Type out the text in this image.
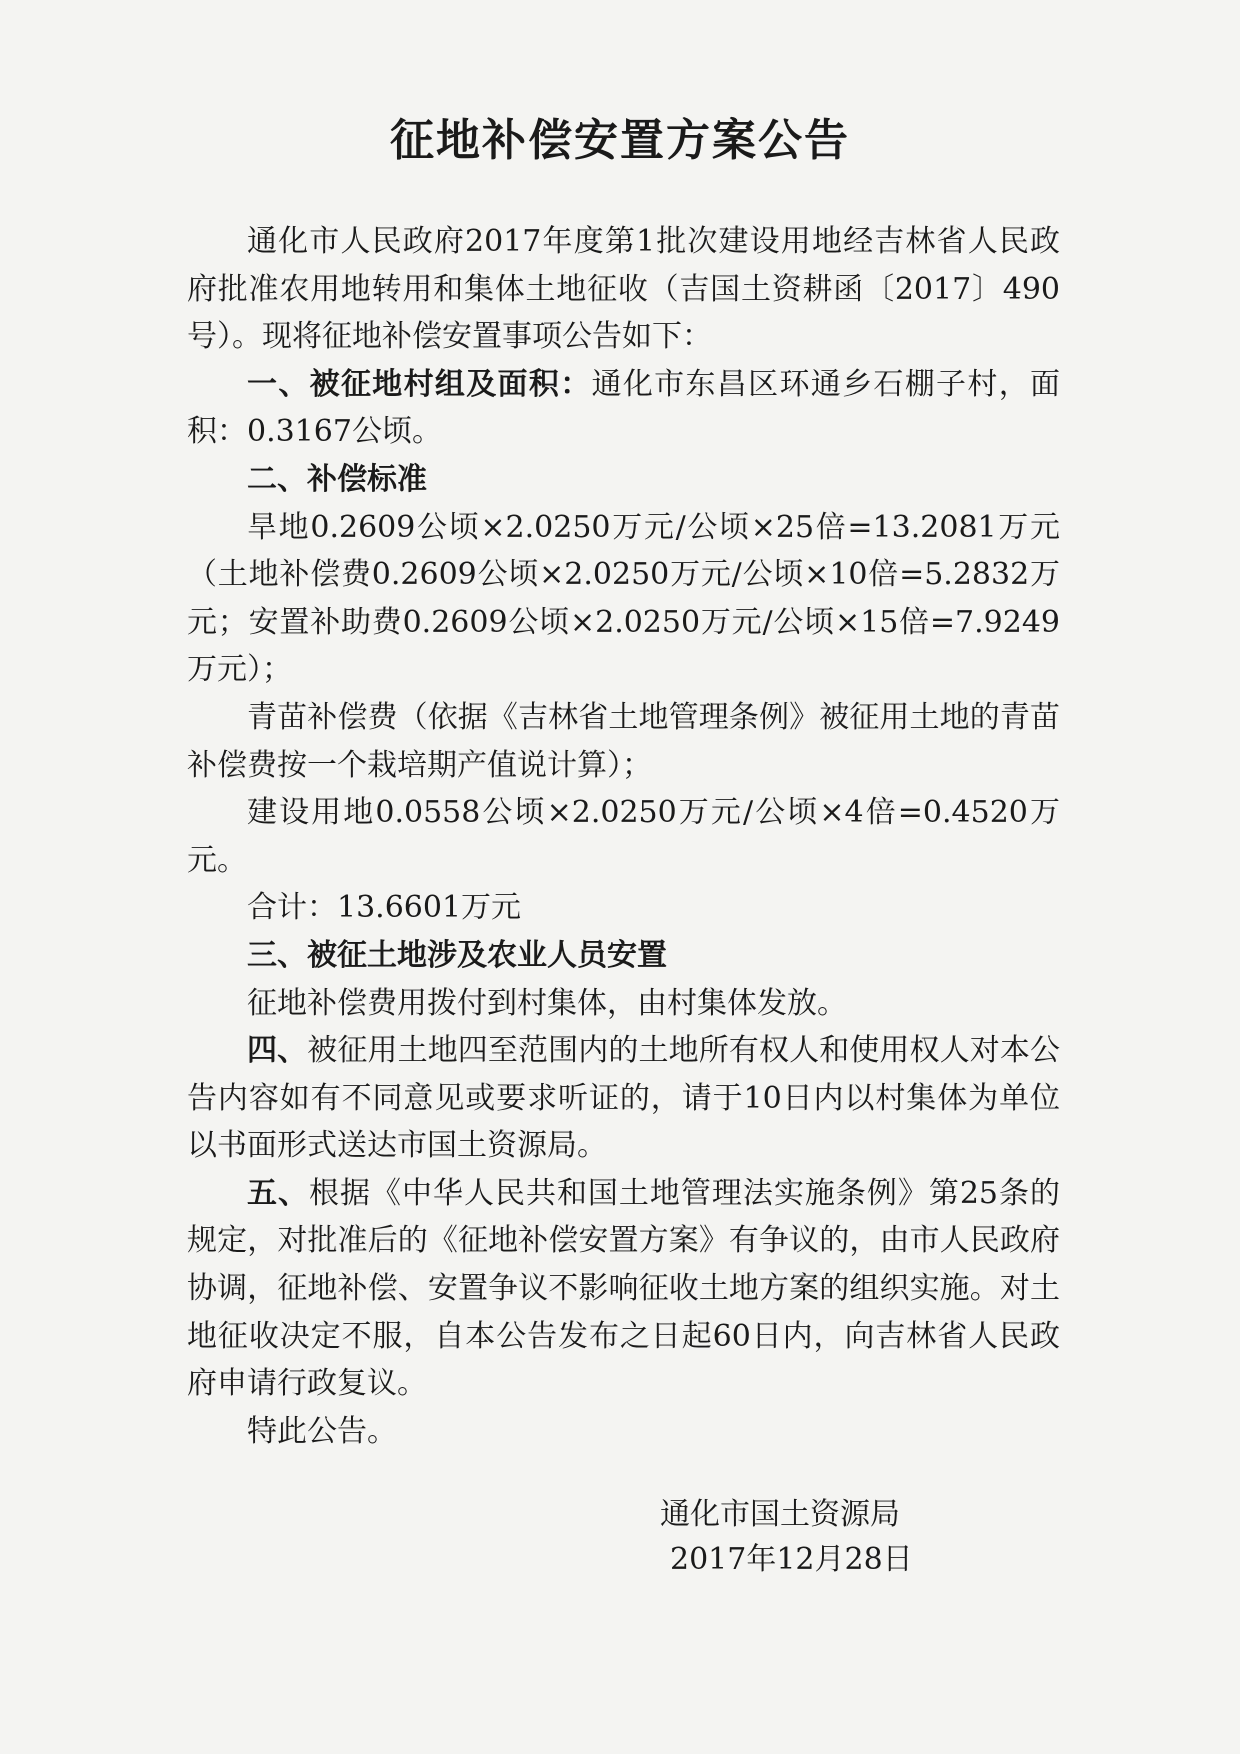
征地补偿安置方案公告

通化市人民政府2017年度第1批次建设用地经吉林省人民政府批准农用地转用和集体土地征收（吉国土资耕函〔2017〕490号）。现将征地补偿安置事项公告如下：

一、被征地村组及面积：通化市东昌区环通乡石棚子村，面积：0.3167公顷。

二、补偿标准

旱地0.2609公顷×2.0250万元/公顷×25倍=13.2081万元（土地补偿费0.2609公顷×2.0250万元/公顷×10倍=5.2832万元；安置补助费0.2609公顷×2.0250万元/公顷×15倍=7.9249万元）；

青苗补偿费（依据《吉林省土地管理条例》被征用土地的青苗补偿费按一个栽培期产值说计算）；

建设用地0.0558公顷×2.0250万元/公顷×4倍=0.4520万元。

合计：13.6601万元

三、被征土地涉及农业人员安置

征地补偿费用拨付到村集体，由村集体发放。

四、被征用土地四至范围内的土地所有权人和使用权人对本公告内容如有不同意见或要求听证的，请于10日内以村集体为单位以书面形式送达市国土资源局。

五、根据《中华人民共和国土地管理法实施条例》第25条的规定，对批准后的《征地补偿安置方案》有争议的，由市人民政府协调，征地补偿、安置争议不影响征收土地方案的组织实施。对土地征收决定不服，自本公告发布之日起60日内，向吉林省人民政府申请行政复议。

特此公告。

通化市国土资源局
2017年12月28日
